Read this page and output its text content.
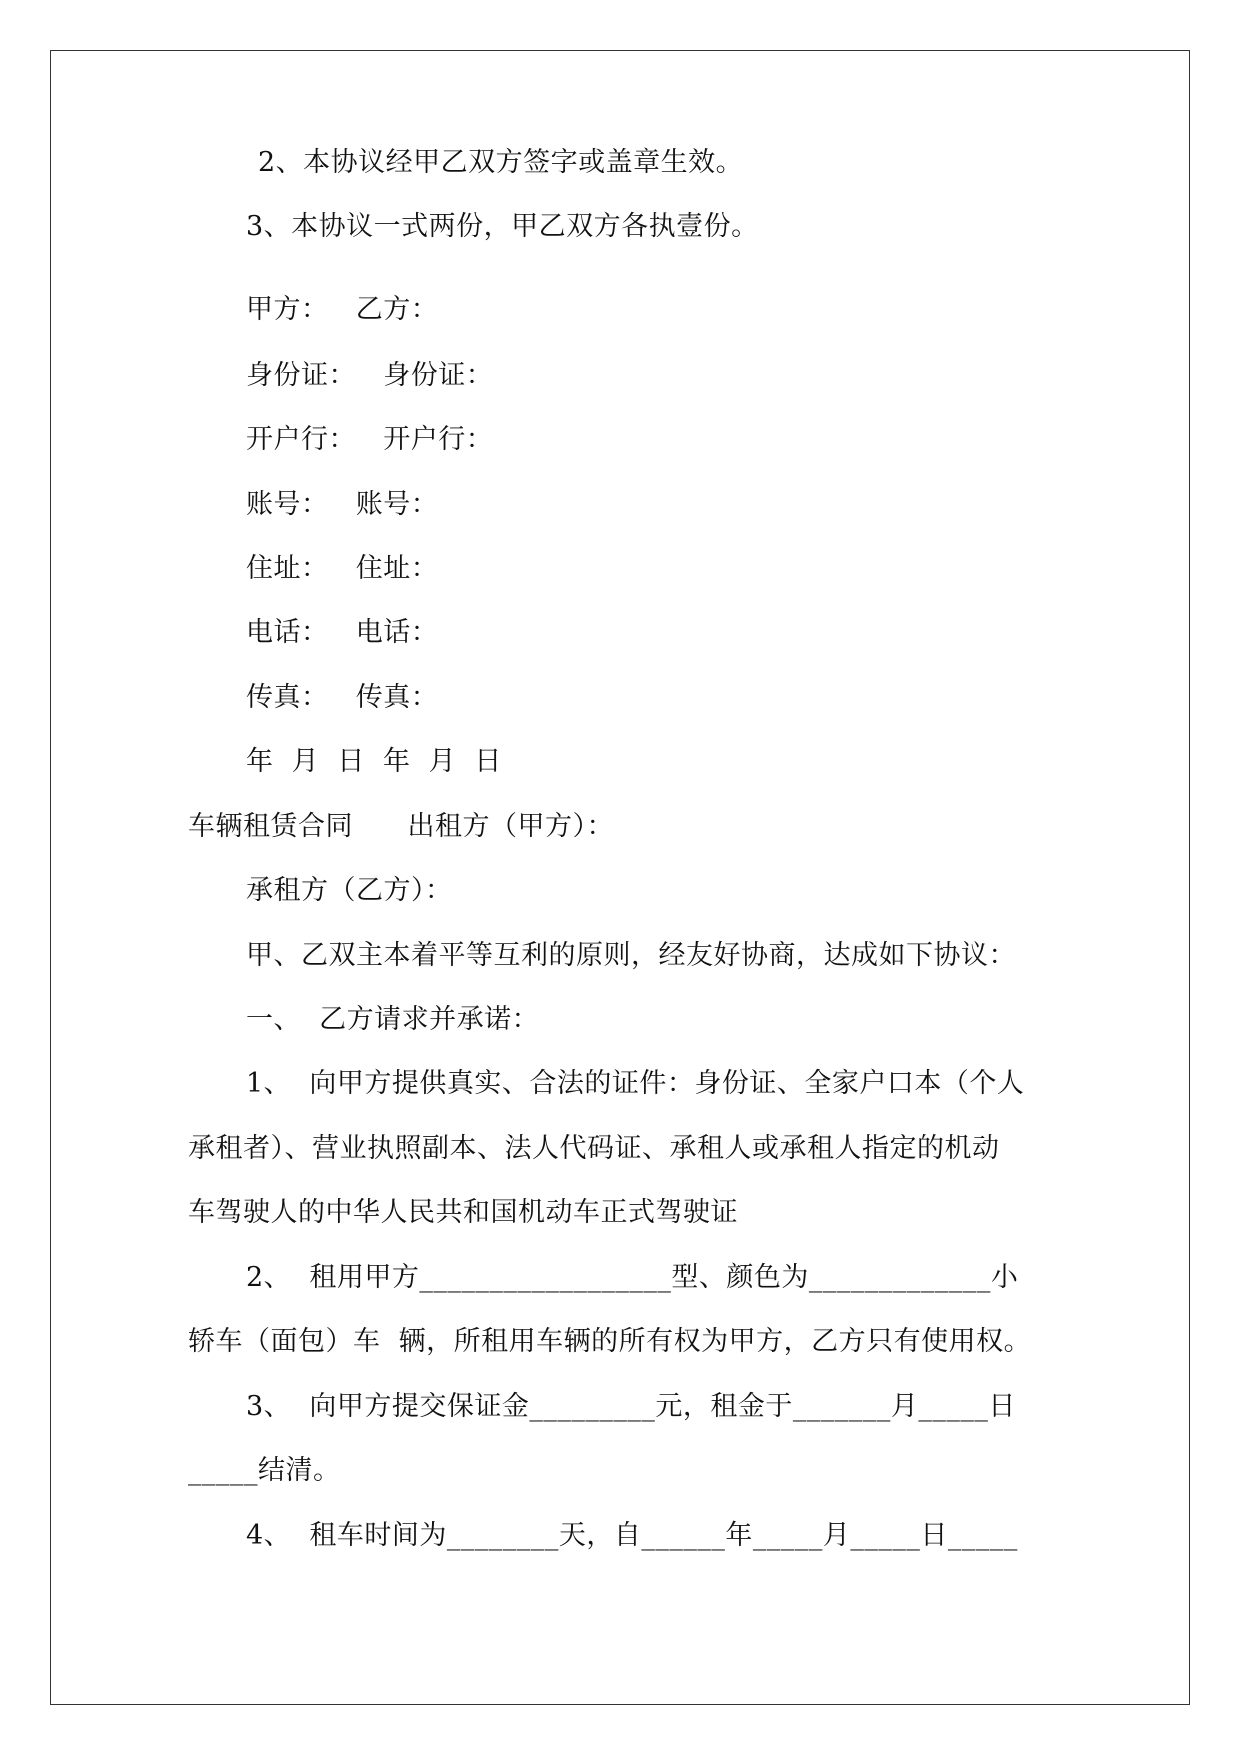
2、本协议经甲乙双方签字或盖章生效。
3、本协议一式两份，甲乙双方各执壹份。
甲方：   乙方：
身份证：   身份证：
开户行：   开户行：
账号：   账号：
住址：   住址：
电话：   电话：
传真：   传真：
年  月  日  年  月  日
车辆租赁合同      出租方（甲方）：
承租方（乙方）：
甲、乙双主本着平等互利的原则，经友好协商，达成如下协议：
一、  乙方请求并承诺：
1、  向甲方提供真实、合法的证件：身份证、全家户口本（个人
承租者）、营业执照副本、法人代码证、承租人或承租人指定的机动
车驾驶人的中华人民共和国机动车正式驾驶证
2、  租用甲方__________________型、颜色为_____________小
轿车（面包）车  辆，所租用车辆的所有权为甲方，乙方只有使用权。
3、  向甲方提交保证金_________元，租金于_______月_____日
_____结清。
4、  租车时间为________天，自______年_____月_____日_____
